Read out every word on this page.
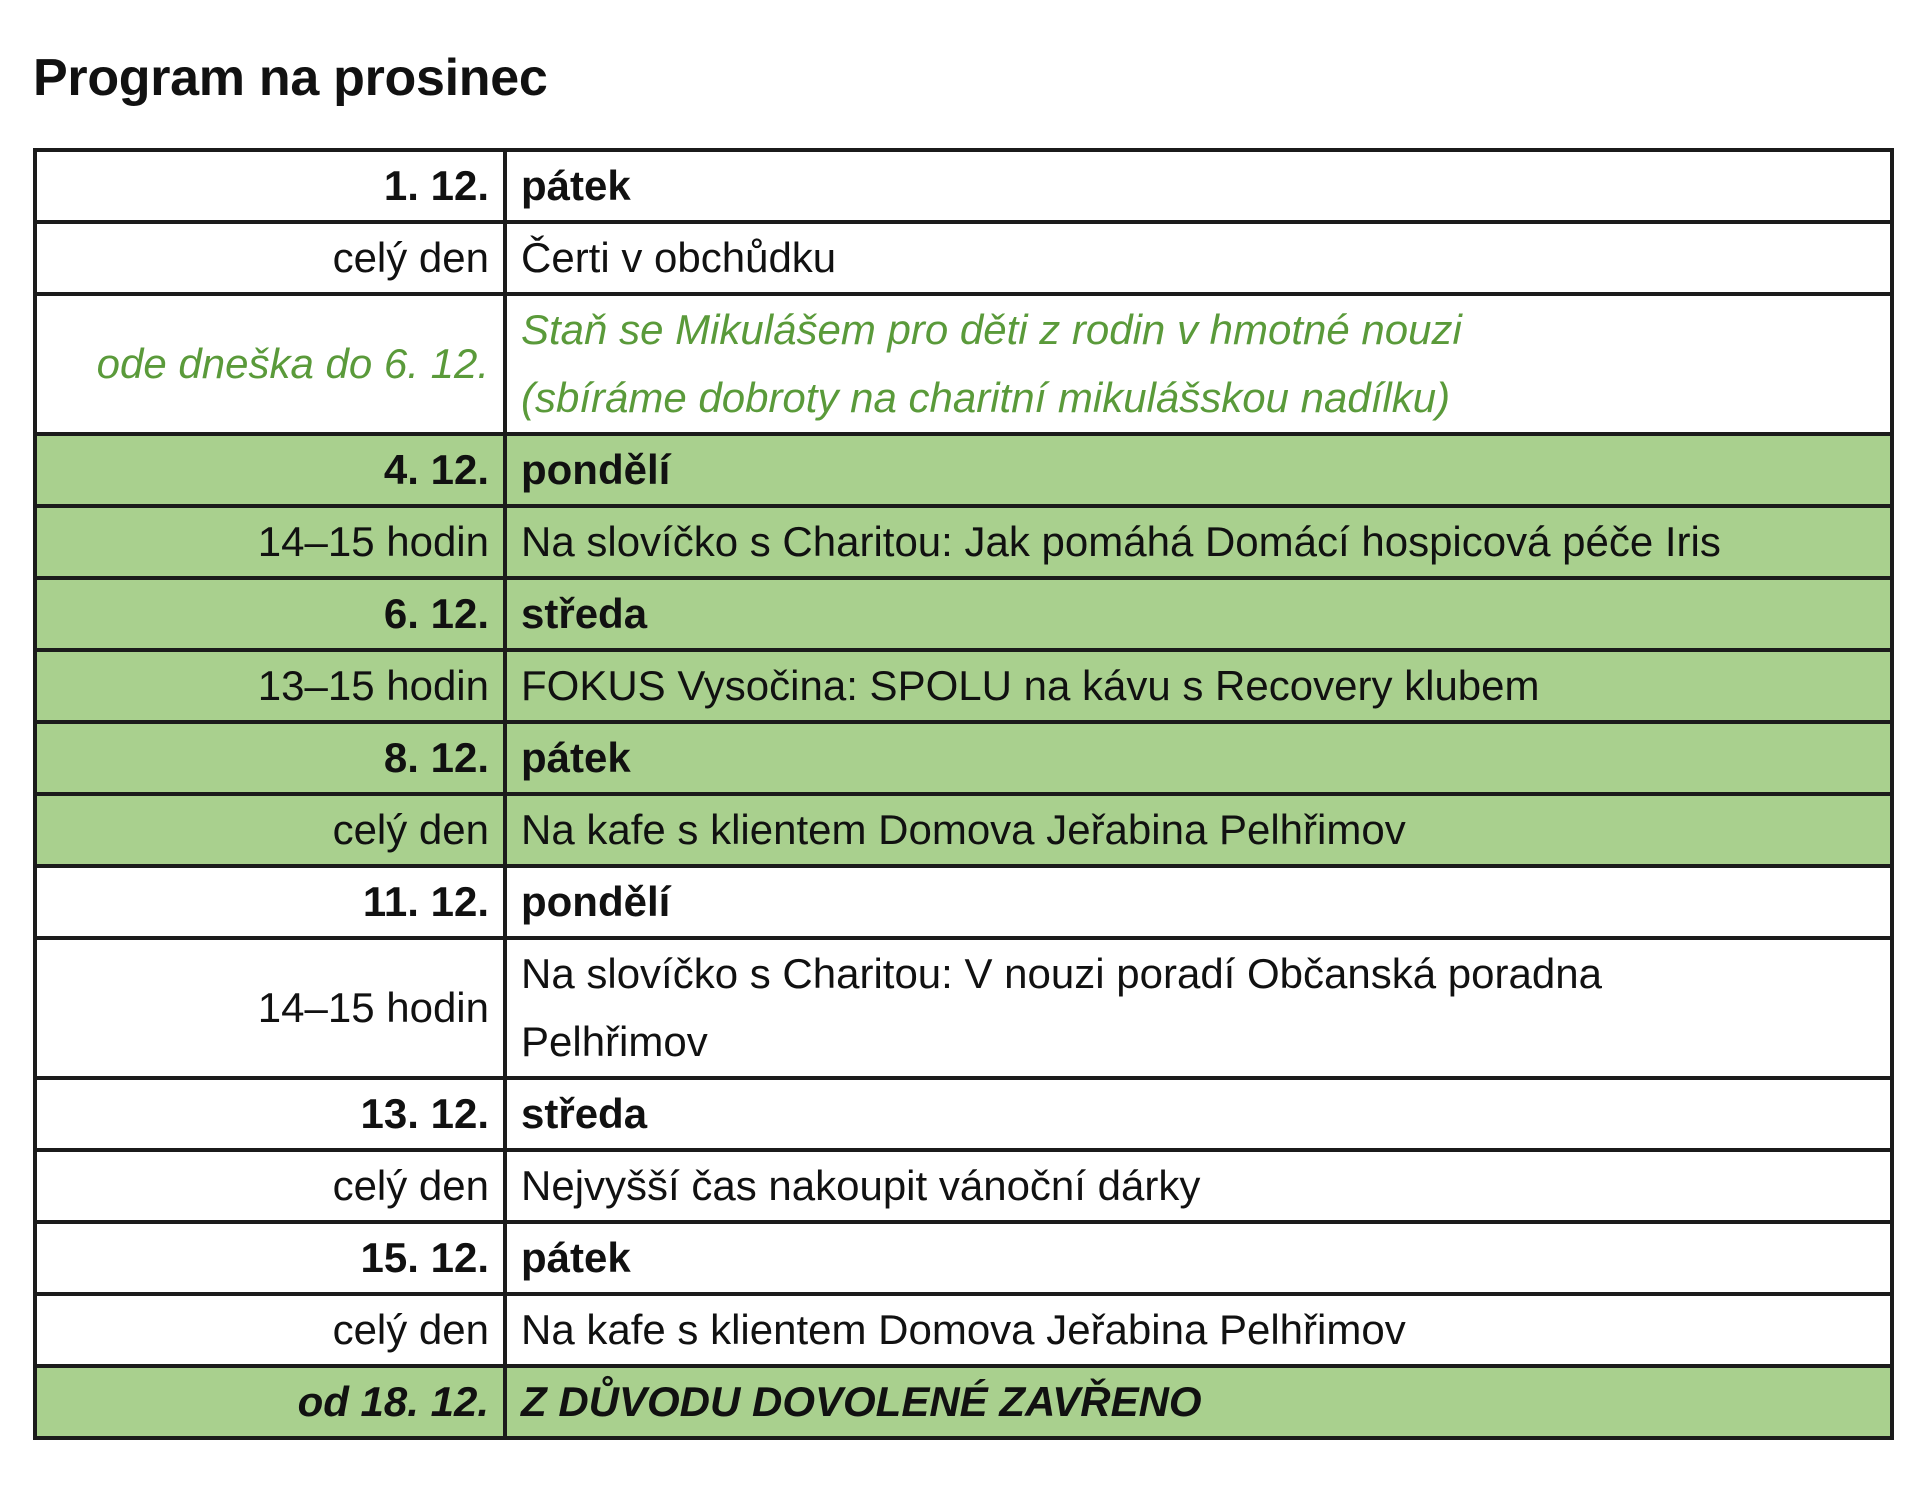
Program na prosinec
1. 12.	pátek
celý den	Čerti v obchůdku
ode dneška do 6. 12.	Staň se Mikulášem pro děti z rodin v hmotné nouzi
(sbíráme dobroty na charitní mikulášskou nadílku)

4. 12.	pondělí
14–15 hodin	Na slovíčko s Charitou: Jak pomáhá Domácí hospicová péče Iris
6. 12.	středa
13–15 hodin	FOKUS Vysočina: SPOLU na kávu s Recovery klubem
8. 12.	pátek
celý den	Na kafe s klientem Domova Jeřabina Pelhřimov
11. 12.	pondělí
14–15 hodin	Na slovíčko s Charitou: V nouzi poradí Občanská poradna
Pelhřimov

13. 12.	středa
celý den	Nejvyšší čas nakoupit vánoční dárky
15. 12.	pátek
celý den	Na kafe s klientem Domova Jeřabina Pelhřimov
od 18. 12.	Z DŮVODU DOVOLENÉ ZAVŘENO
